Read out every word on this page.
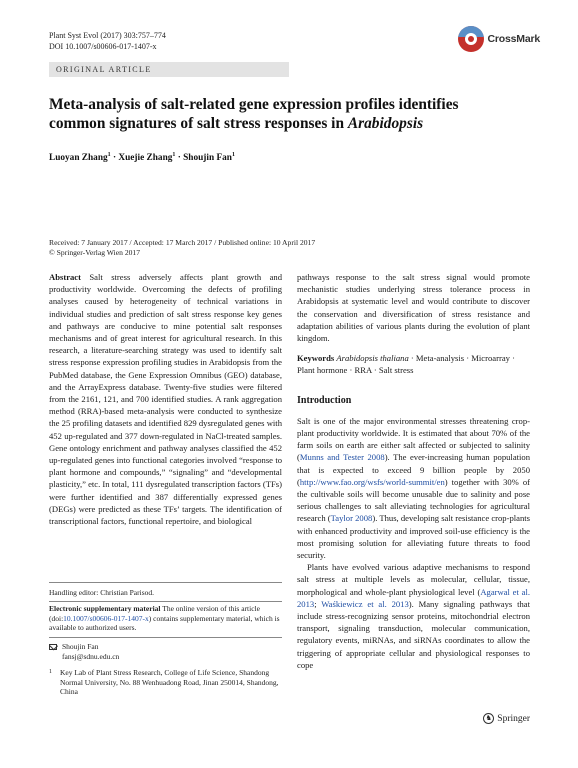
Plant Syst Evol (2017) 303:757–774
DOI 10.1007/s00606-017-1407-x
CrossMark
ORIGINAL ARTICLE
Meta-analysis of salt-related gene expression profiles identifies common signatures of salt stress responses in Arabidopsis
Luoyan Zhang$^1$ · Xuejie Zhang$^1$ · Shoujin Fan$^1$
Received: 7 January 2017 / Accepted: 17 March 2017 / Published online: 10 April 2017
© Springer-Verlag Wien 2017

Abstract Salt stress adversely affects plant growth and productivity worldwide. Overcoming the defects of profiling analyses caused by heterogeneity of technical variations in individual studies and prediction of salt stress response key genes and pathways are conducive to mine potential salt responses mechanisms and of great interest for agricultural research. In this research, a literature-searching strategy was used to identify salt stress response expression profiling studies in Arabidopsis from the PubMed database, the Gene Expression Omnibus (GEO) database, and the ArrayExpress database. Twenty-five studies were filtered from the 2161, 121, and 700 identified studies. A rank aggregation method (RRA)-based meta-analysis were conducted to synthesize the 25 profiling datasets and identified 829 dysregulated genes with 452 up-regulated and 377 down-regulated in NaCl-treated samples. Gene ontology enrichment and pathway analyses classified the 452 up-regulated genes into functional categories involved “response to plant hormone and compounds,” “signaling” and “developmental plasticity,” etc. In total, 111 dysregulated transcription factors (TFs) were further identified and 387 differentially expressed genes (DEGs) were predicted as these TFs’ targets. The identification of transcriptional factors, functional repertoire, and biological

pathways response to the salt stress signal would promote mechanistic studies underlying stress tolerance process in Arabidopsis at systematic level and would contribute to discover the conservation and diversification of stress resistance and adaptation abilities of various plants during the evolution of plant kingdom.

Keywords Arabidopsis thaliana · Meta-analysis · Microarray · Plant hormone · RRA · Salt stress

Introduction

Salt is one of the major environmental stresses threatening crop-plant productivity worldwide. It is estimated that about 70% of the farm soils on earth are either salt affected or subjected to salinity (Munns and Tester 2008). The ever-increasing human population that is expected to exceed 9 billion people by 2050 (http://www.fao.org/wsfs/world-summit/en) together with 30% of the cultivable soils will become unusable due to salinity and pose serious challenges to salt alleviating technologies for agricultural research (Taylor 2008). Thus, developing salt resistance crop-plants with enhanced productivity and improved soil-use efficiency is the most promising solution for alleviating future threats to food security.

Plants have evolved various adaptive mechanisms to respond salt stress at multiple levels as molecular, cellular, tissue, morphological and whole-plant physiological level (Agarwal et al. 2013; Waśkiewicz et al. 2013). Many signaling pathways that include stress-recognizing sensor proteins, mitochondrial electron transport, signaling transduction, molecular communication, regulatory events, miRNAs, and siRNAs coordinates to allow the triggering of appropriate cellular and physiological responses to cope

Handling editor: Christian Parisod.
Electronic supplementary material The online version of this article (doi:10.1007/s00606-017-1407-x) contains supplementary material, which is available to authorized users.
Shoujin Fan
fansj@sdnu.edu.cn
1 Key Lab of Plant Stress Research, College of Life Science, Shandong Normal University, No. 88 Wenhuadong Road, Jinan 250014, Shandong, China
♞ Springer
